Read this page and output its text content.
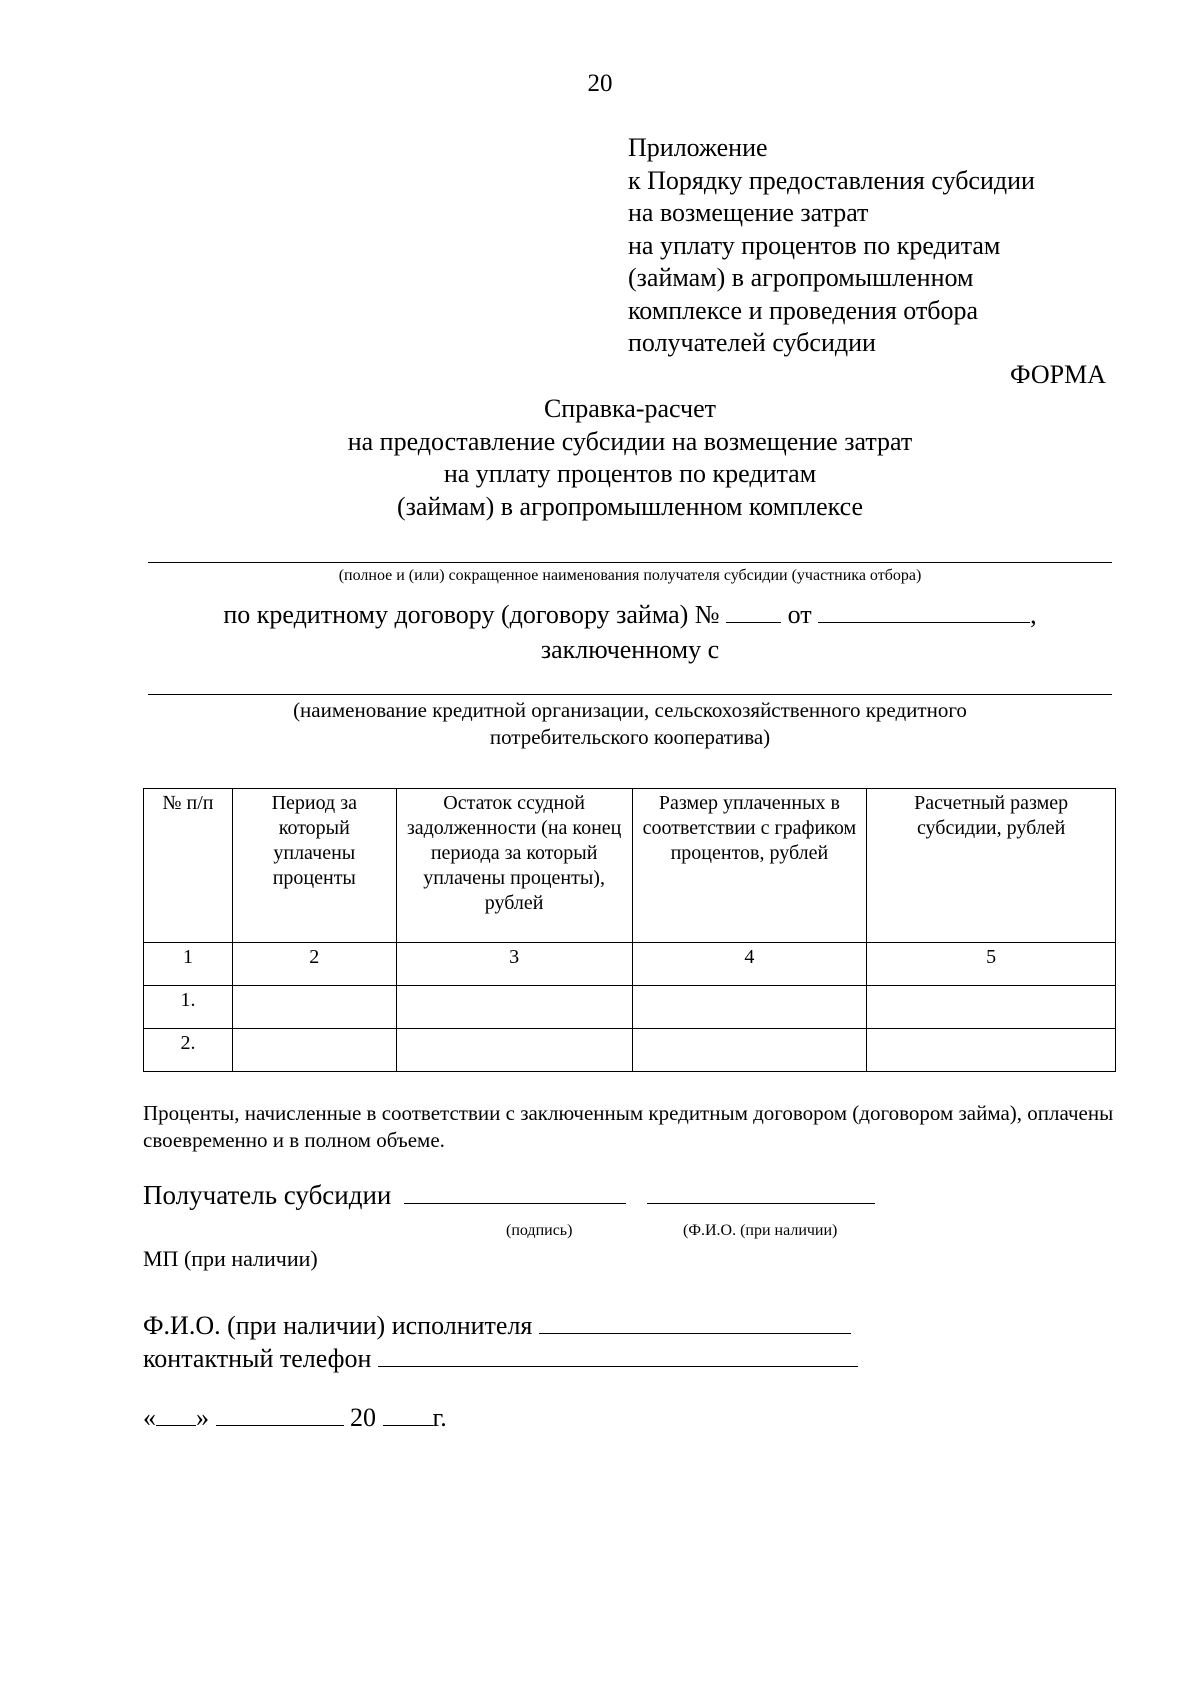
20
Приложение
к Порядку предоставления субсидии
на возмещение затрат
на уплату процентов по кредитам
(займам) в агропромышленном
комплексе и проведения отбора
получателей субсидии
ФОРМА
Справка-расчет
на предоставление субсидии на возмещение затрат
на уплату процентов по кредитам
(займам) в агропромышленном комплексе
(полное и (или) сокращенное наименования получателя субсидии (участника отбора)
по кредитному договору (договору займа) №	от	,
заключенному с
(наименование кредитной организации, сельскохозяйственного кредитного
потребительского кооператива)
№ п/п	Период за который уплачены проценты	Остаток ссудной задолженности (на конец периода за который уплачены проценты), рублей	Размер уплаченных в соответствии с графиком процентов, рублей	Расчетный размер субсидии, рублей
1	2	3	4	5
1.				
2.				
Проценты, начисленные в соответствии с заключенным кредитным договором (договором займа), оплачены своевременно и в полном объеме.
Получатель субсидии
(подпись)	(Ф.И.О. (при наличии)
МП (при наличии)
Ф.И.О. (при наличии) исполнителя
контактный телефон
« »	20 г.
